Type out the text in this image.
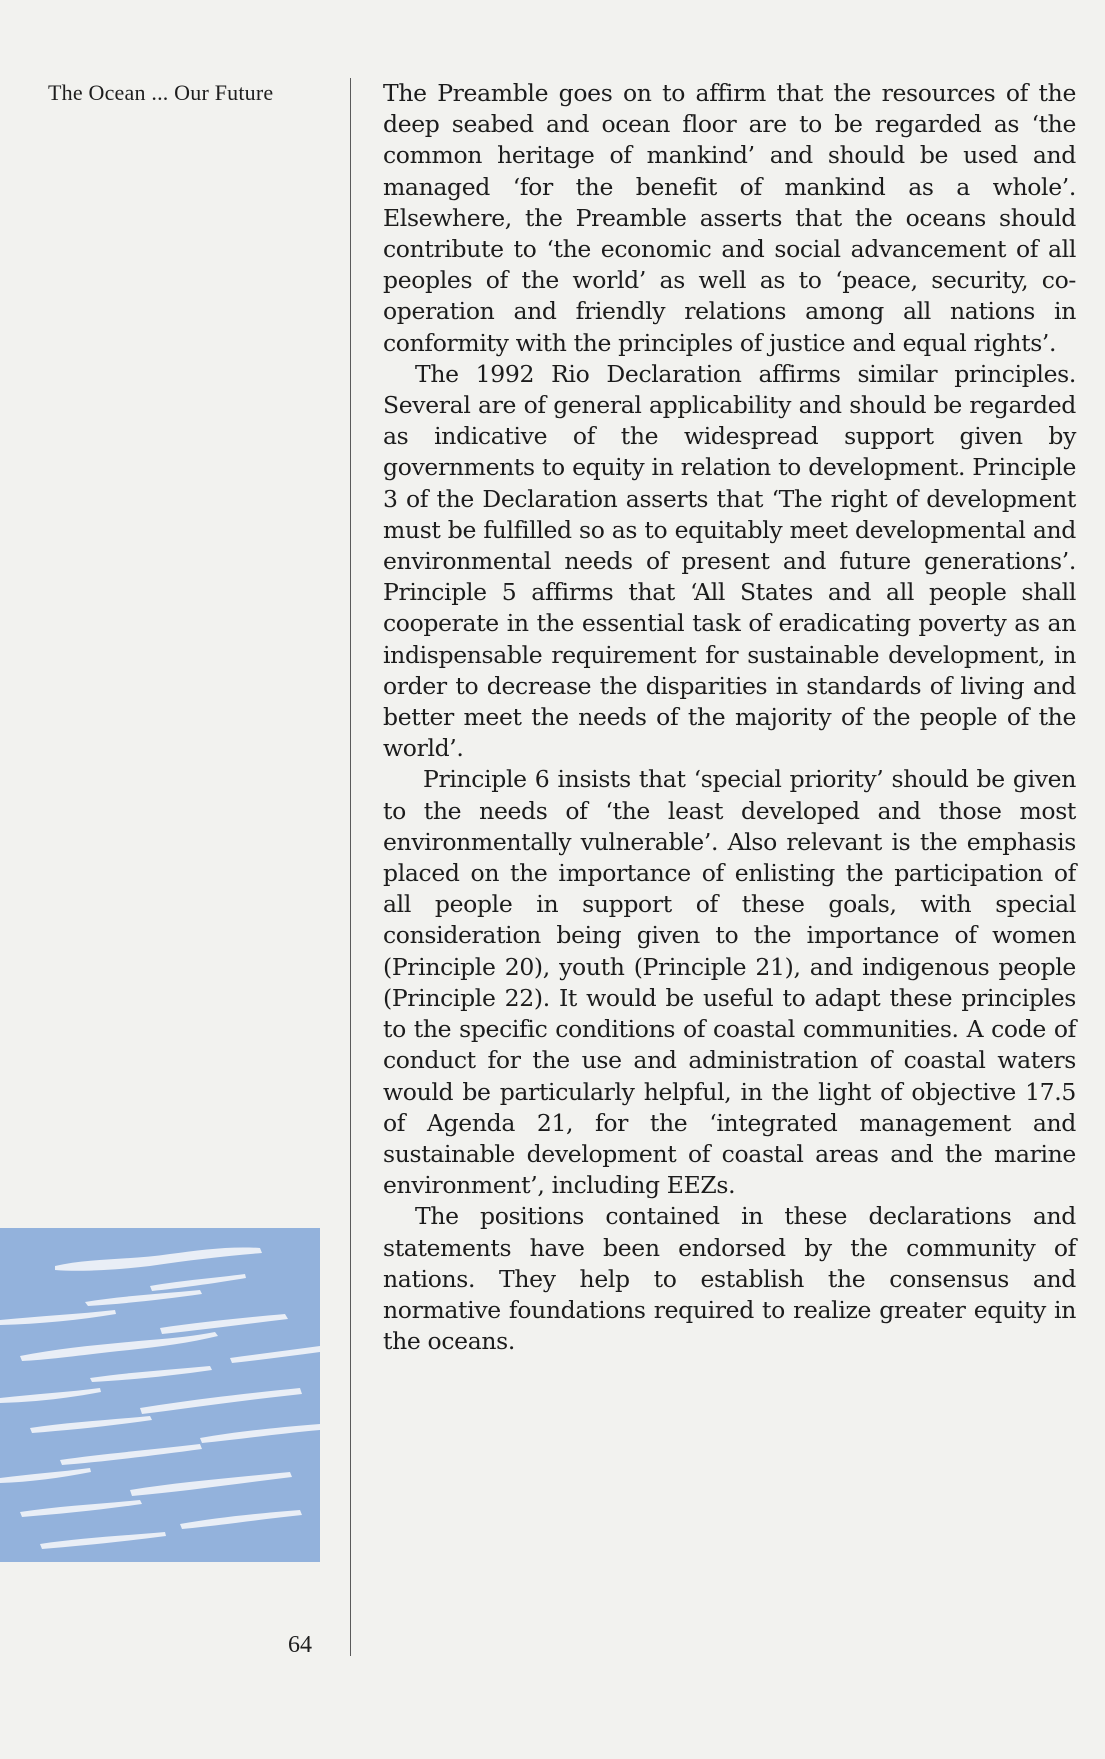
The Ocean ... Our Future	The Preamble goes on to affirm that the resources of the deep seabed and ocean floor are to be regarded as ‘the common heritage of mankind’ and should be used and managed ‘for the benefit of mankind as a whole’. Elsewhere, the Preamble asserts that the oceans should contribute to ‘the economic and social advancement of all peoples of the world’ as well as to ‘peace, security, co-operation and friendly relations among all nations in conformity with the principles of justice and equal rights’.

The 1992 Rio Declaration affirms similar principles. Several are of general applicability and should be regarded as indicative of the widespread support given by governments to equity in relation to development. Principle 3 of the Declaration asserts that ‘The right of development must be fulfilled so as to equitably meet developmental and environmental needs of present and future generations’. Principle 5 affirms that ‘All States and all people shall cooperate in the essential task of eradicating poverty as an indispensable requirement for sustainable development, in order to decrease the disparities in standards of living and better meet the needs of the majority of the people of the world’.

Principle 6 insists that ‘special priority’ should be given to the needs of ‘the least developed and those most environmentally vulnerable’. Also relevant is the emphasis placed on the importance of enlisting the participation of all people in support of these goals, with special consideration being given to the importance of women (Principle 20), youth (Principle 21), and indigenous people (Principle 22). It would be useful to adapt these principles to the specific conditions of coastal communities. A code of conduct for the use and administration of coastal waters would be particularly helpful, in the light of objective 17.5 of Agenda 21, for the ‘integrated management and sustainable development of coastal areas and the marine environment’, including EEZs.

The positions contained in these declarations and statements have been endorsed by the community of nations. They help to establish the consensus and normative foundations required to realize greater equity in the oceans.

64
